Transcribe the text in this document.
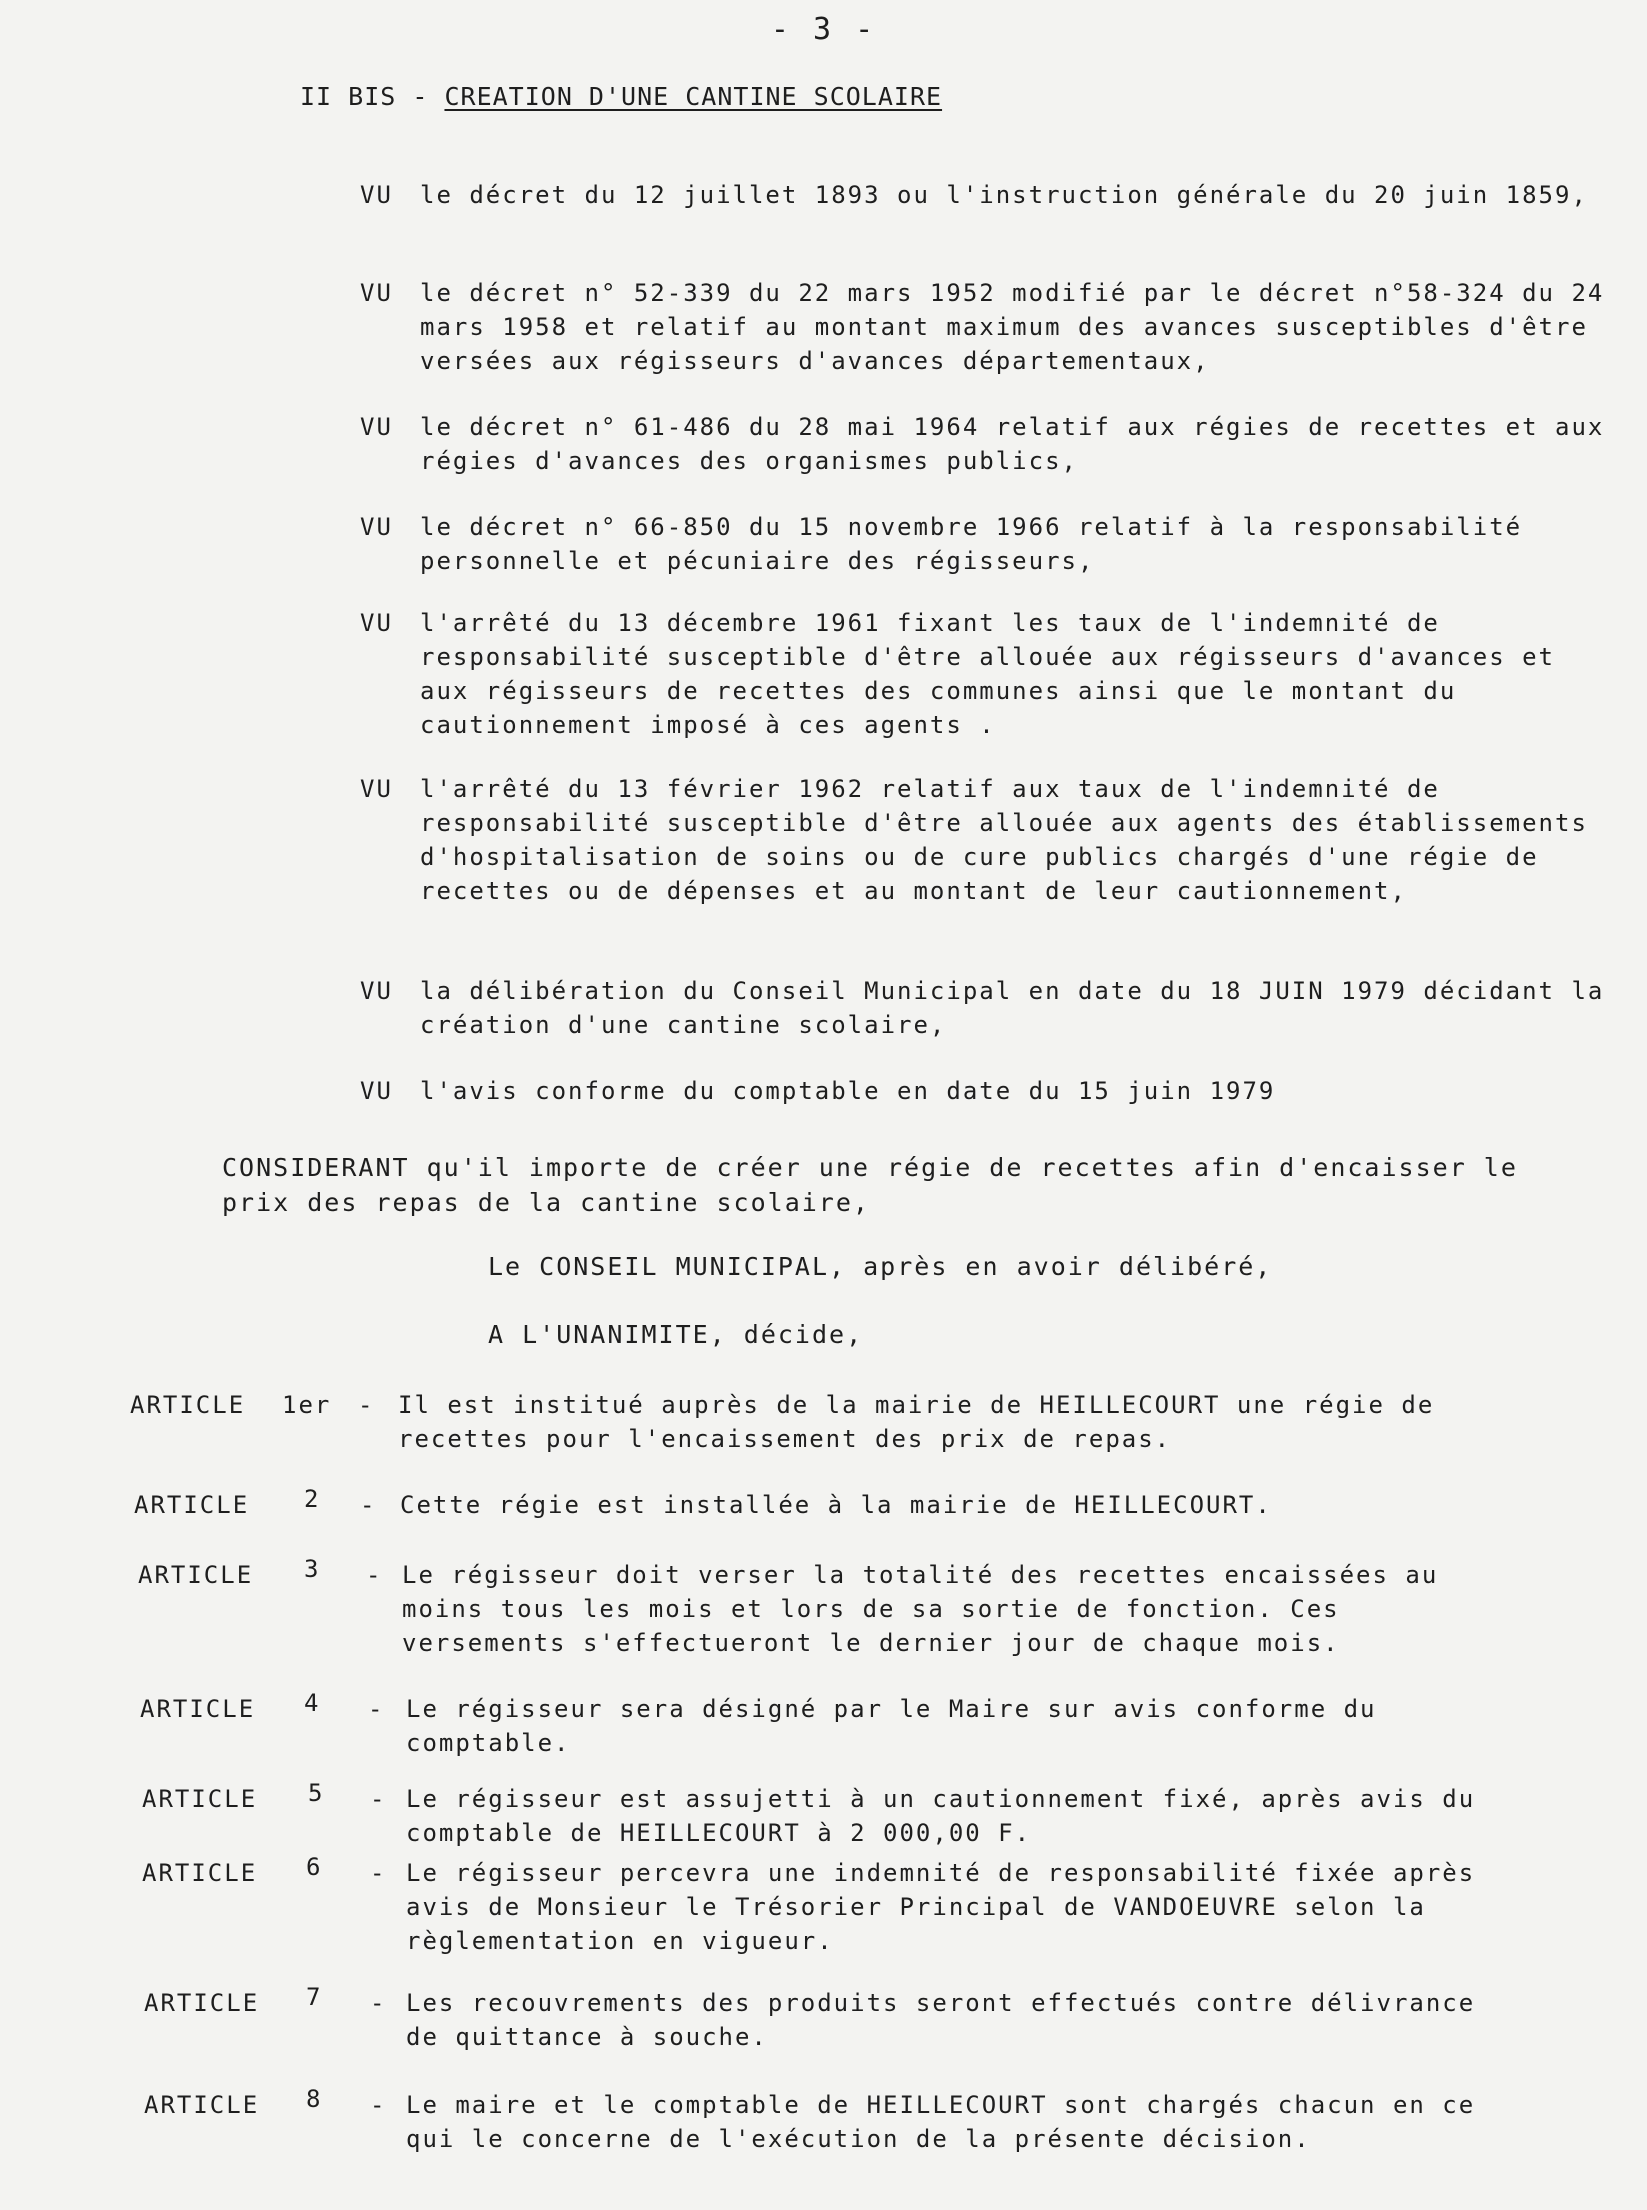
- 3 -
II BIS - CREATION D'UNE CANTINE SCOLAIRE
VU	le décret du 12 juillet 1893 ou l'instruction générale du 20 juin 1859,
VU	le décret n° 52-339 du 22 mars 1952 modifié par le décret n°58-324 du 24 mars 1958 et relatif au montant maximum des avances susceptibles d'être versées aux régisseurs d'avances départementaux,
VU	le décret n° 61-486 du 28 mai 1964 relatif aux régies de recettes et aux régies d'avances des organismes publics,
VU	le décret n° 66-850 du 15 novembre 1966 relatif à la responsabilité personnelle et pécuniaire des régisseurs,
VU	l'arrêté du 13 décembre 1961 fixant les taux de l'indemnité de responsabilité susceptible d'être allouée aux régisseurs d'avances et aux régisseurs de recettes des communes ainsi que le montant du cautionnement imposé à ces agents .
VU	l'arrêté du 13 février 1962 relatif aux taux de l'indemnité de responsabilité susceptible d'être allouée aux agents des établissements d'hospitalisation de soins ou de cure publics chargés d'une régie de recettes ou de dépenses et au montant de leur cautionnement,
VU	la délibération du Conseil Municipal en date du 18 JUIN 1979 décidant la création d'une cantine scolaire,
VU	l'avis conforme du comptable en date du 15 juin 1979
CONSIDERANT qu'il importe de créer une régie de recettes afin d'encaisser le prix des repas de la cantine scolaire,
Le CONSEIL MUNICIPAL, après en avoir délibéré,
A L'UNANIMITE, décide,
ARTICLE 1er - Il est institué auprès de la mairie de HEILLECOURT une régie de recettes pour l'encaissement des prix de repas.
ARTICLE 2 - Cette régie est installée à la mairie de HEILLECOURT.
ARTICLE 3 - Le régisseur doit verser la totalité des recettes encaissées au moins tous les mois et lors de sa sortie de fonction. Ces versements s'effectueront le dernier jour de chaque mois.
ARTICLE 4 - Le régisseur sera désigné par le Maire sur avis conforme du comptable.
ARTICLE 5 - Le régisseur est assujetti à un cautionnement fixé, après avis du comptable de HEILLECOURT à 2 000,00 F.
ARTICLE 6 - Le régisseur percevra une indemnité de responsabilité fixée après avis de Monsieur le Trésorier Principal de VANDOEUVRE selon la règlementation en vigueur.
ARTICLE 7 - Les recouvrements des produits seront effectués contre délivrance de quittance à souche.
ARTICLE 8 - Le maire et le comptable de HEILLECOURT sont chargés chacun en ce qui le concerne de l'exécution de la présente décision.
